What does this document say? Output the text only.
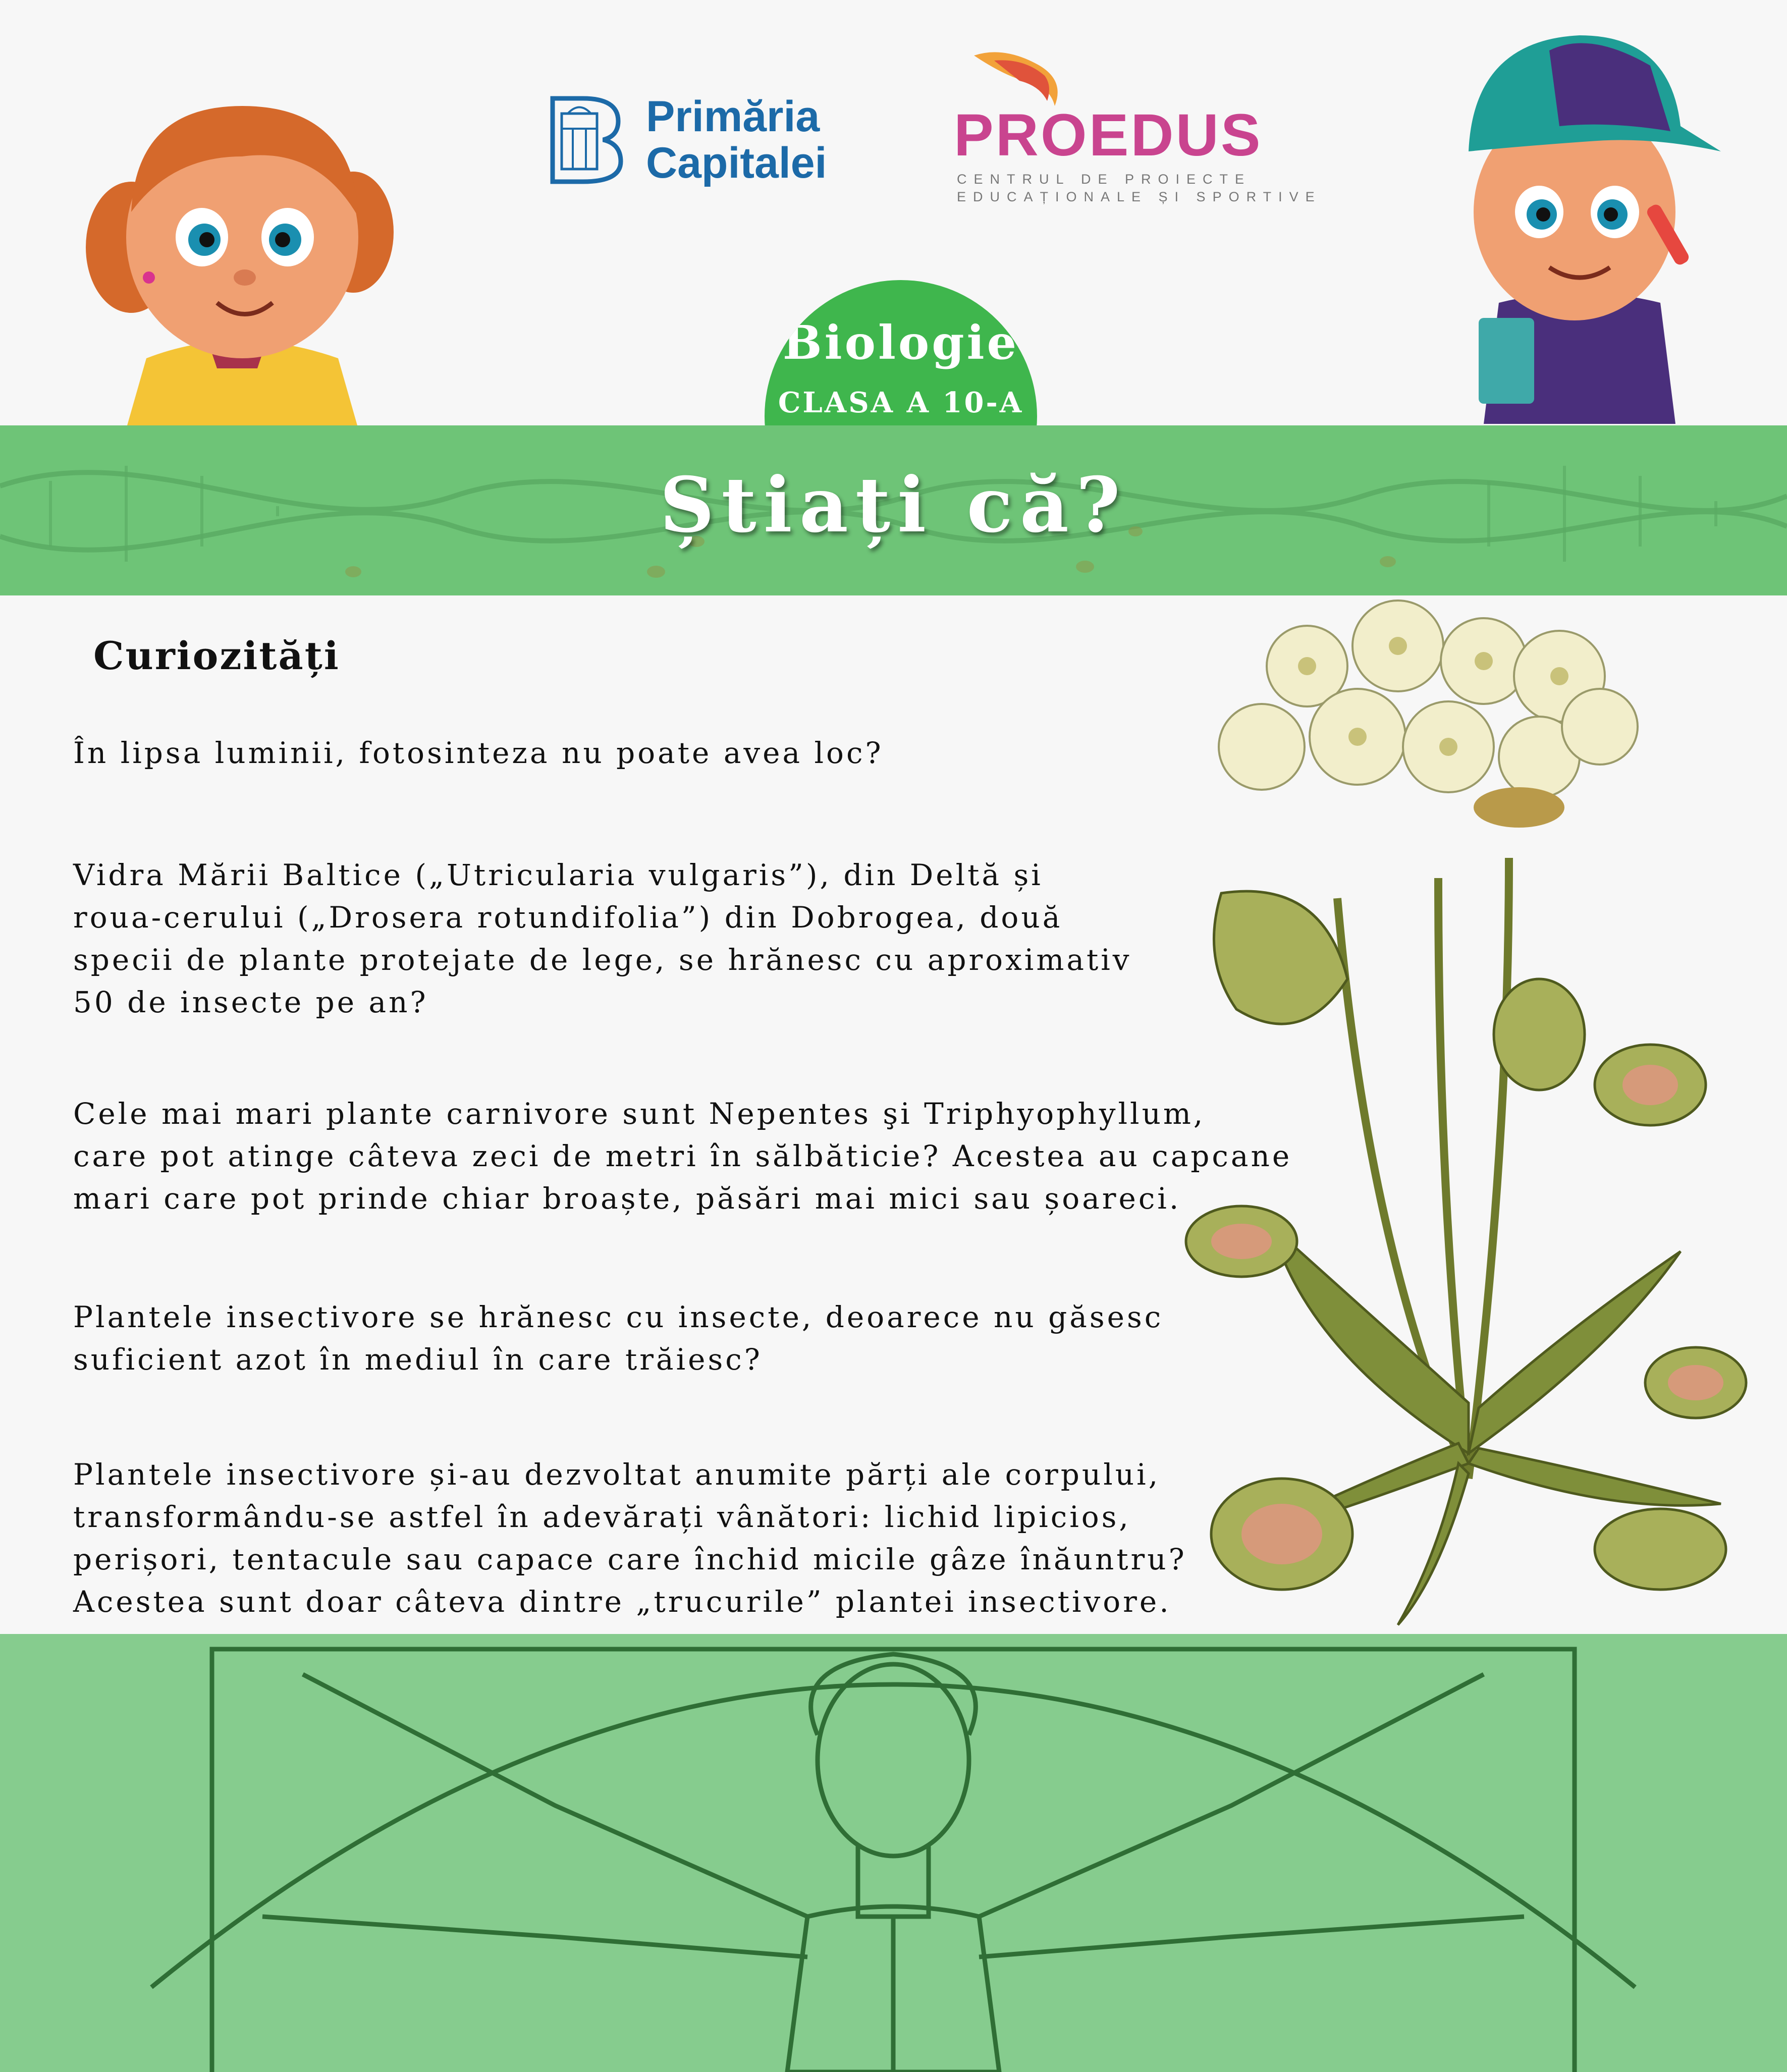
Primăria
Capitalei PROEDUS
CENTRUL DE PROIECTE
EDUCAȚIONALE ȘI SPORTIVE
Biologie
CLASA A 10-A
Știați că?
Curiozități
În lipsa luminii, fotosinteza nu poate avea loc?
Vidra Mării Baltice („Utricularia vulgaris”), din Deltă și
roua-cerului („Drosera rotundifolia”) din Dobrogea, două
specii de plante protejate de lege, se hrănesc cu aproximativ
50 de insecte pe an?
Cele mai mari plante carnivore sunt Nepentes şi Triphyophyllum,
care pot atinge câteva zeci de metri în sălbăticie? Acestea au capcane
mari care pot prinde chiar broaște, păsări mai mici sau șoareci.
Plantele insectivore se hrănesc cu insecte, deoarece nu găsesc
suficient azot în mediul în care trăiesc?
Plantele insectivore și-au dezvoltat anumite părți ale corpului,
transformându-se astfel în adevărați vânători: lichid lipicios,
perișori, tentacule sau capace care închid micile gâze înăuntru?
Acestea sunt doar câteva dintre „trucurile” plantei insectivore.
